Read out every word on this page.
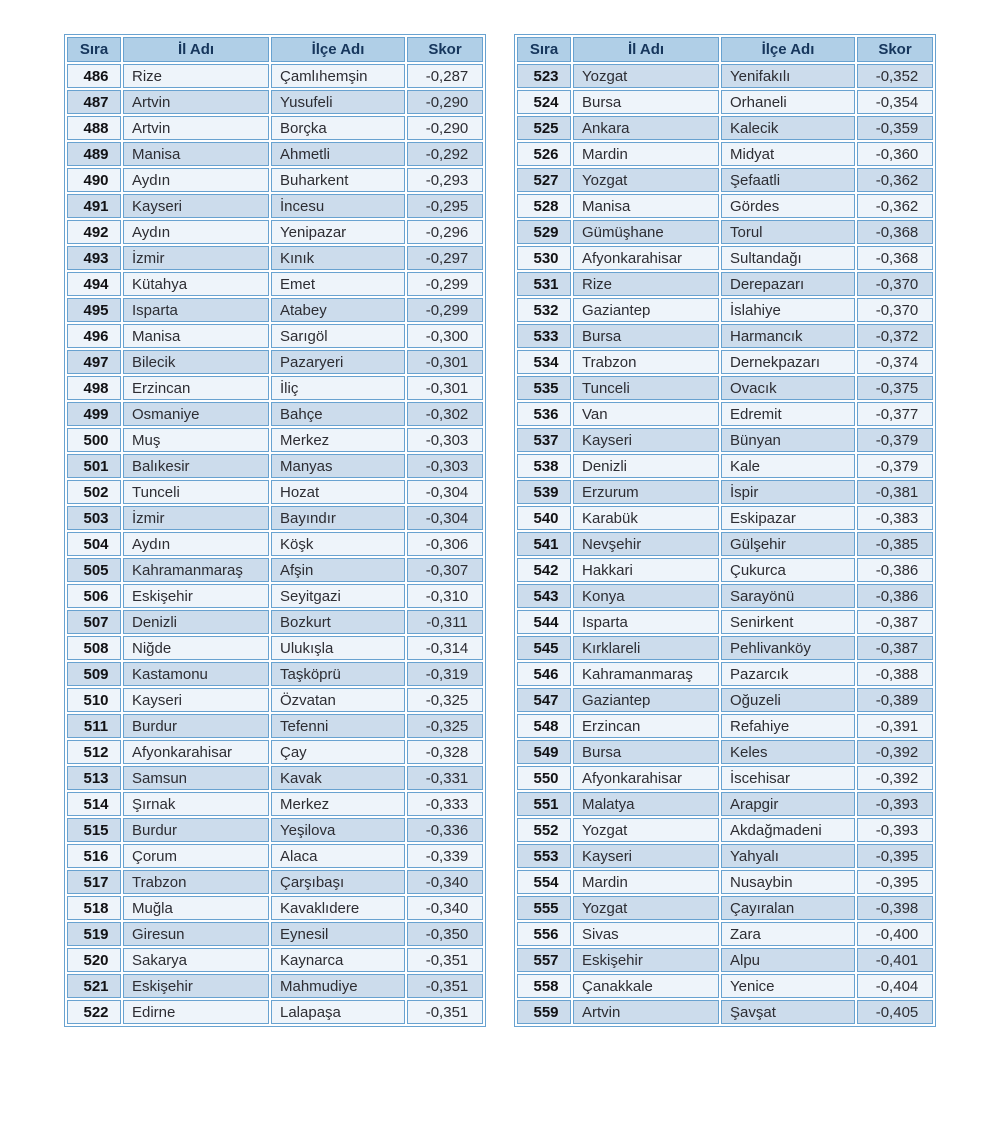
Sıra	İl Adı	İlçe Adı	Skor
486	Rize	Çamlıhemşin	-0,287
487	Artvin	Yusufeli	-0,290
488	Artvin	Borçka	-0,290
489	Manisa	Ahmetli	-0,292
490	Aydın	Buharkent	-0,293
491	Kayseri	İncesu	-0,295
492	Aydın	Yenipazar	-0,296
493	İzmir	Kınık	-0,297
494	Kütahya	Emet	-0,299
495	Isparta	Atabey	-0,299
496	Manisa	Sarıgöl	-0,300
497	Bilecik	Pazaryeri	-0,301
498	Erzincan	İliç	-0,301
499	Osmaniye	Bahçe	-0,302
500	Muş	Merkez	-0,303
501	Balıkesir	Manyas	-0,303
502	Tunceli	Hozat	-0,304
503	İzmir	Bayındır	-0,304
504	Aydın	Köşk	-0,306
505	Kahramanmaraş	Afşin	-0,307
506	Eskişehir	Seyitgazi	-0,310
507	Denizli	Bozkurt	-0,311
508	Niğde	Ulukışla	-0,314
509	Kastamonu	Taşköprü	-0,319
510	Kayseri	Özvatan	-0,325
511	Burdur	Tefenni	-0,325
512	Afyonkarahisar	Çay	-0,328
513	Samsun	Kavak	-0,331
514	Şırnak	Merkez	-0,333
515	Burdur	Yeşilova	-0,336
516	Çorum	Alaca	-0,339
517	Trabzon	Çarşıbaşı	-0,340
518	Muğla	Kavaklıdere	-0,340
519	Giresun	Eynesil	-0,350
520	Sakarya	Kaynarca	-0,351
521	Eskişehir	Mahmudiye	-0,351
522	Edirne	Lalapaşa	-0,351
Sıra	İl Adı	İlçe Adı	Skor
523	Yozgat	Yenifakılı	-0,352
524	Bursa	Orhaneli	-0,354
525	Ankara	Kalecik	-0,359
526	Mardin	Midyat	-0,360
527	Yozgat	Şefaatli	-0,362
528	Manisa	Gördes	-0,362
529	Gümüşhane	Torul	-0,368
530	Afyonkarahisar	Sultandağı	-0,368
531	Rize	Derepazarı	-0,370
532	Gaziantep	İslahiye	-0,370
533	Bursa	Harmancık	-0,372
534	Trabzon	Dernekpazarı	-0,374
535	Tunceli	Ovacık	-0,375
536	Van	Edremit	-0,377
537	Kayseri	Bünyan	-0,379
538	Denizli	Kale	-0,379
539	Erzurum	İspir	-0,381
540	Karabük	Eskipazar	-0,383
541	Nevşehir	Gülşehir	-0,385
542	Hakkari	Çukurca	-0,386
543	Konya	Sarayönü	-0,386
544	Isparta	Senirkent	-0,387
545	Kırklareli	Pehlivanköy	-0,387
546	Kahramanmaraş	Pazarcık	-0,388
547	Gaziantep	Oğuzeli	-0,389
548	Erzincan	Refahiye	-0,391
549	Bursa	Keles	-0,392
550	Afyonkarahisar	İscehisar	-0,392
551	Malatya	Arapgir	-0,393
552	Yozgat	Akdağmadeni	-0,393
553	Kayseri	Yahyalı	-0,395
554	Mardin	Nusaybin	-0,395
555	Yozgat	Çayıralan	-0,398
556	Sivas	Zara	-0,400
557	Eskişehir	Alpu	-0,401
558	Çanakkale	Yenice	-0,404
559	Artvin	Şavşat	-0,405
